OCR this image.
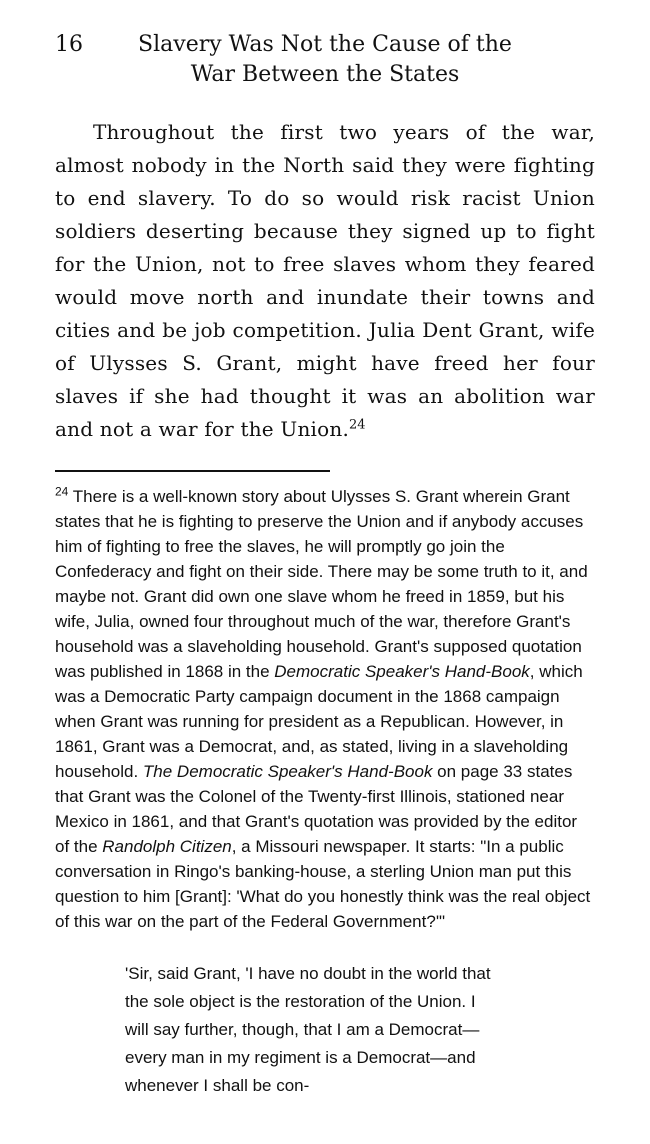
16	Slavery Was Not the Cause of the
War Between the States

Throughout the first two years of the war, almost nobody in the North said they were fighting to end slavery. To do so would risk racist Union soldiers deserting because they signed up to fight for the Union, not to free slaves whom they feared would move north and inundate their towns and cities and be job competition. Julia Dent Grant, wife of Ulysses S. Grant, might have freed her four slaves if she had thought it was an abolition war and not a war for the Union.$^{24}$

$^{24}$ There is a well-known story about Ulysses S. Grant wherein Grant states that he is fighting to preserve the Union and if anybody accuses him of fighting to free the slaves, he will promptly go join the Confederacy and fight on their side. There may be some truth to it, and maybe not. Grant did own one slave whom he freed in 1859, but his wife, Julia, owned four throughout much of the war, therefore Grant's household was a slaveholding household. Grant's supposed quotation was published in 1868 in the Democratic Speaker's Hand-Book, which was a Democratic Party campaign document in the 1868 campaign when Grant was running for president as a Republican. However, in 1861, Grant was a Democrat, and, as stated, living in a slaveholding household. The Democratic Speaker's Hand-Book on page 33 states that Grant was the Colonel of the Twenty-first Illinois, stationed near Mexico in 1861, and that Grant's quotation was provided by the editor of the Randolph Citizen, a Missouri newspaper. It starts: "In a public conversation in Ringo's banking-house, a sterling Union man put this question to him [Grant]: 'What do you honestly think was the real object of this war on the part of the Federal Government?'"

'Sir, said Grant, 'I have no doubt in the world that the sole object is the restoration of the Union. I will say further, though, that I am a Democrat—every man in my regiment is a Democrat—and whenever I shall be con-
